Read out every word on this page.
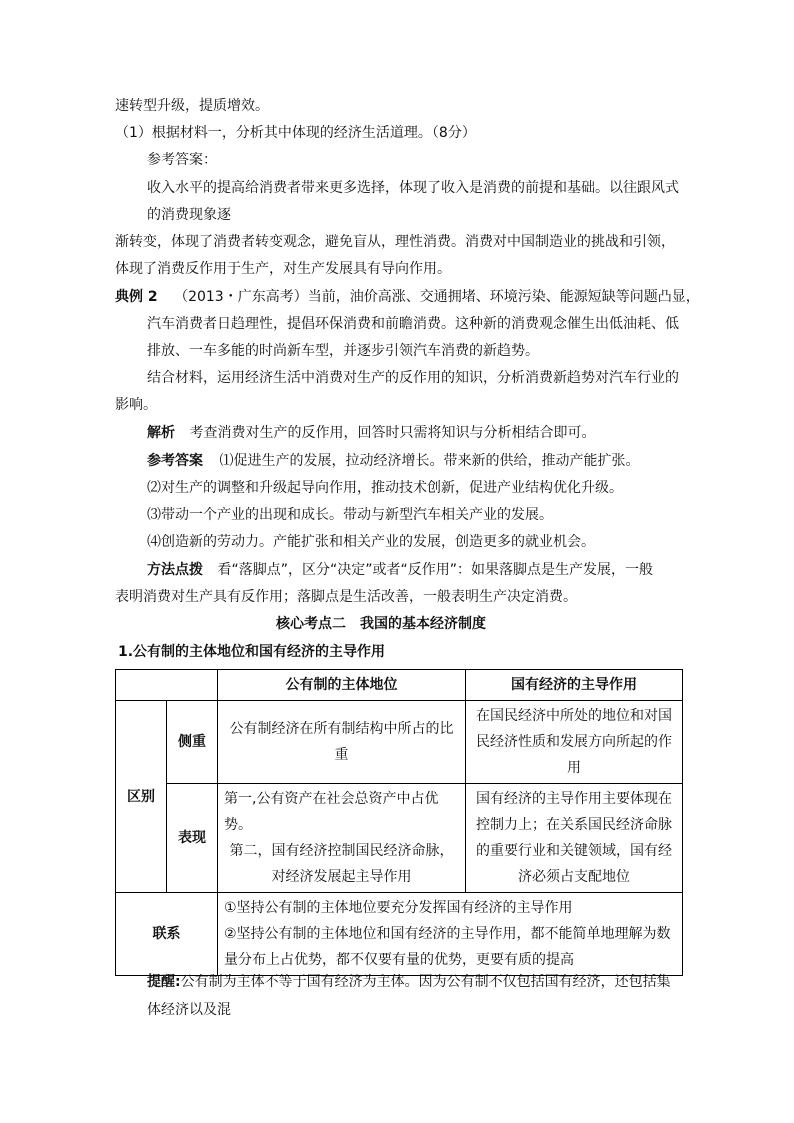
速转型升级，提质增效。
（1）根据材料一，分析其中体现的经济生活道理。（8分）
参考答案：
收入水平的提高给消费者带来更多选择，体现了收入是消费的前提和基础。以往跟风式
的消费现象逐
渐转变，体现了消费者转变观念，避免盲从，理性消费。消费对中国制造业的挑战和引领，
体现了消费反作用于生产，对生产发展具有导向作用。
典例 2 （2013・广东高考）当前，油价高涨、交通拥堵、环境污染、能源短缺等问题凸显，
汽车消费者日趋理性，提倡环保消费和前瞻消费。这种新的消费观念催生出低油耗、低
排放、一车多能的时尚新车型，并逐步引领汽车消费的新趋势。
结合材料，运用经济生活中消费对生产的反作用的知识，分析消费新趋势对汽车行业的
影响。
解析 考查消费对生产的反作用，回答时只需将知识与分析相结合即可。
参考答案 ⑴促进生产的发展，拉动经济增长。带来新的供给，推动产能扩张。
⑵对生产的调整和升级起导向作用，推动技术创新，促进产业结构优化升级。
⑶带动一个产业的出现和成长。带动与新型汽车相关产业的发展。
⑷创造新的劳动力。产能扩张和相关产业的发展，创造更多的就业机会。
方法点拨 看“落脚点”，区分“决定”或者“反作用”：如果落脚点是生产发展，一般
表明消费对生产具有反作用；落脚点是生活改善，一般表明生产决定消费。
核心考点二　我国的基本经济制度
1.公有制的主体地位和国有经济的主导作用
		公有制的主体地位	国有经济的主导作用
区别	侧重	公有制经济在所有制结构中所占的比重	在国民经济中所处的地位和对国民经济性质和发展方向所起的作用
	表现	第一,公有资产在社会总资产中占优势。
第二，国有经济控制国民经济命脉，对经济发展起主导作用	国有经济的主导作用主要体现在控制力上；在关系国民经济命脉的重要行业和关键领域，国有经济必须占支配地位
联系		①坚持公有制的主体地位要充分发挥国有经济的主导作用
②坚持公有制的主体地位和国有经济的主导作用，都不能简单地理解为数量分布上占优势，都不仅要有量的优势，更要有质的提高	
提醒:公有制为主体不等于国有经济为主体。因为公有制不仅包括国有经济，还包括集
体经济以及混
